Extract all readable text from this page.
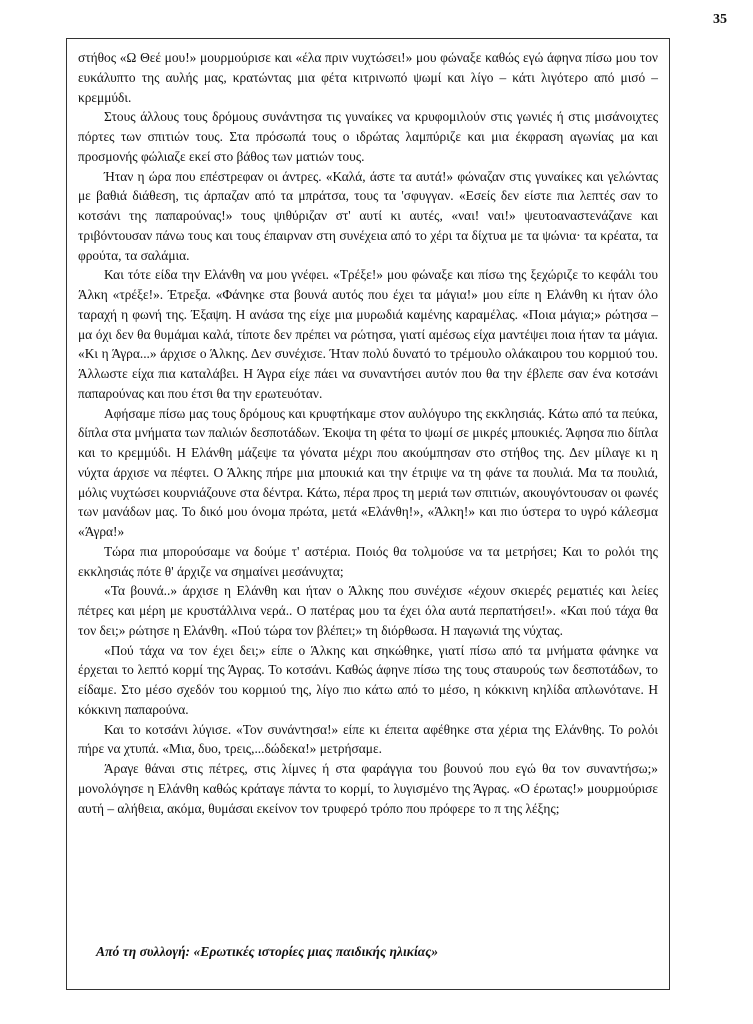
35

στήθος «Ω Θεέ μου!» μουρμούρισε και «έλα πριν νυχτώσει!» μου φώναξε καθώς εγώ άφηνα πίσω μου τον ευκάλυπτο της αυλής μας, κρατώντας μια φέτα κιτρινωπό ψωμί και λίγο – κάτι λιγότερο από μισό – κρεμμύδι.

Στους άλλους τους δρόμους συνάντησα τις γυναίκες να κρυφομιλούν στις γωνιές ή στις μισάνοιχτες πόρτες των σπιτιών τους. Στα πρόσωπά τους ο ιδρώτας λαμπύριζε και μια έκφραση αγωνίας μα και προσμονής φώλιαζε εκεί στο βάθος των ματιών τους.

Ήταν η ώρα που επέστρεφαν οι άντρες. «Καλά, άστε τα αυτά!» φώναζαν στις γυναίκες και γελώντας με βαθιά διάθεση, τις άρπαζαν από τα μπράτσα, τους τα 'σφυγγαν. «Εσείς δεν είστε πια λεπτές σαν το κοτσάνι της παπαρούνας!» τους ψιθύριζαν στ' αυτί κι αυτές, «ναι! ναι!» ψευτοαναστενάζανε και τριβόντουσαν πάνω τους και τους έπαιρναν στη συνέχεια από το χέρι τα δίχτυα με τα ψώνια· τα κρέατα, τα φρούτα, τα σαλάμια.

Και τότε είδα την Ελάνθη να μου γνέφει. «Τρέξε!» μου φώναξε και πίσω της ξεχώριζε το κεφάλι του Άλκη «τρέξε!». Έτρεξα. «Φάνηκε στα βουνά αυτός που έχει τα μάγια!» μου είπε η Ελάνθη κι ήταν όλο ταραχή η φωνή της. Έξαψη. Η ανάσα της είχε μια μυρωδιά καμένης καραμέλας. «Ποια μάγια;» ρώτησα – μα όχι δεν θα θυμάμαι καλά, τίποτε δεν πρέπει να ρώτησα, γιατί αμέσως είχα μαντέψει ποια ήταν τα μάγια. «Κι η Άγρα...» άρχισε ο Άλκης. Δεν συνέχισε. Ήταν πολύ δυνατό το τρέμουλο ολάκαιρου του κορμιού του. Άλλωστε είχα πια καταλάβει. Η Άγρα είχε πάει να συναντήσει αυτόν που θα την έβλεπε σαν ένα κοτσάνι παπαρούνας και που έτσι θα την ερωτευόταν.

Αφήσαμε πίσω μας τους δρόμους και κρυφτήκαμε στον αυλόγυρο της εκκλησιάς. Κάτω από τα πεύκα, δίπλα στα μνήματα των παλιών δεσποτάδων. Έκοψα τη φέτα το ψωμί σε μικρές μπουκιές. Άφησα πιο δίπλα και το κρεμμύδι. Η Ελάνθη μάζεψε τα γόνατα μέχρι που ακούμπησαν στο στήθος της. Δεν μίλαγε κι η νύχτα άρχισε να πέφτει. Ο Άλκης πήρε μια μπουκιά και την έτριψε να τη φάνε τα πουλιά. Μα τα πουλιά, μόλις νυχτώσει κουρνιάζουνε στα δέντρα. Κάτω, πέρα προς τη μεριά των σπιτιών, ακουγόντουσαν οι φωνές των μανάδων μας. Το δικό μου όνομα πρώτα, μετά «Ελάνθη!», «Άλκη!» και πιο ύστερα το υγρό κάλεσμα «Άγρα!»

Τώρα πια μπορούσαμε να δούμε τ' αστέρια. Ποιός θα τολμούσε να τα μετρήσει; Και το ρολόι της εκκλησιάς πότε θ' άρχιζε να σημαίνει μεσάνυχτα;

«Τα βουνά..» άρχισε η Ελάνθη και ήταν ο Άλκης που συνέχισε «έχουν σκιερές ρεματιές και λείες πέτρες και μέρη με κρυστάλλινα νερά.. Ο πατέρας μου τα έχει όλα αυτά περπατήσει!». «Και πού τάχα θα τον δει;» ρώτησε η Ελάνθη. «Πού τώρα τον βλέπει;» τη διόρθωσα. Η παγωνιά της νύχτας.

«Πού τάχα να τον έχει δει;» είπε ο Άλκης και σηκώθηκε, γιατί πίσω από τα μνήματα φάνηκε να έρχεται το λεπτό κορμί της Άγρας. Το κοτσάνι. Καθώς άφηνε πίσω της τους σταυρούς των δεσποτάδων, το είδαμε. Στο μέσο σχεδόν του κορμιού της, λίγο πιο κάτω από το μέσο, η κόκκινη κηλίδα απλωνότανε. Η κόκκινη παπαρούνα.

Και το κοτσάνι λύγισε. «Τον συνάντησα!» είπε κι έπειτα αφέθηκε στα χέρια της Ελάνθης. Το ρολόι πήρε να χτυπά. «Μια, δυο, τρεις,...δώδεκα!» μετρήσαμε.

Άραγε θάναι στις πέτρες, στις λίμνες ή στα φαράγγια του βουνού που εγώ θα τον συναντήσω;» μονολόγησε η Ελάνθη καθώς κράταγε πάντα το κορμί, το λυγισμένο της Άγρας. «Ο έρωτας!» μουρμούρισε αυτή – αλήθεια, ακόμα, θυμάσαι εκείνον τον τρυφερό τρόπο που πρόφερε το π της λέξης;

Από τη συλλογή: «Ερωτικές ιστορίες μιας παιδικής ηλικίας»
